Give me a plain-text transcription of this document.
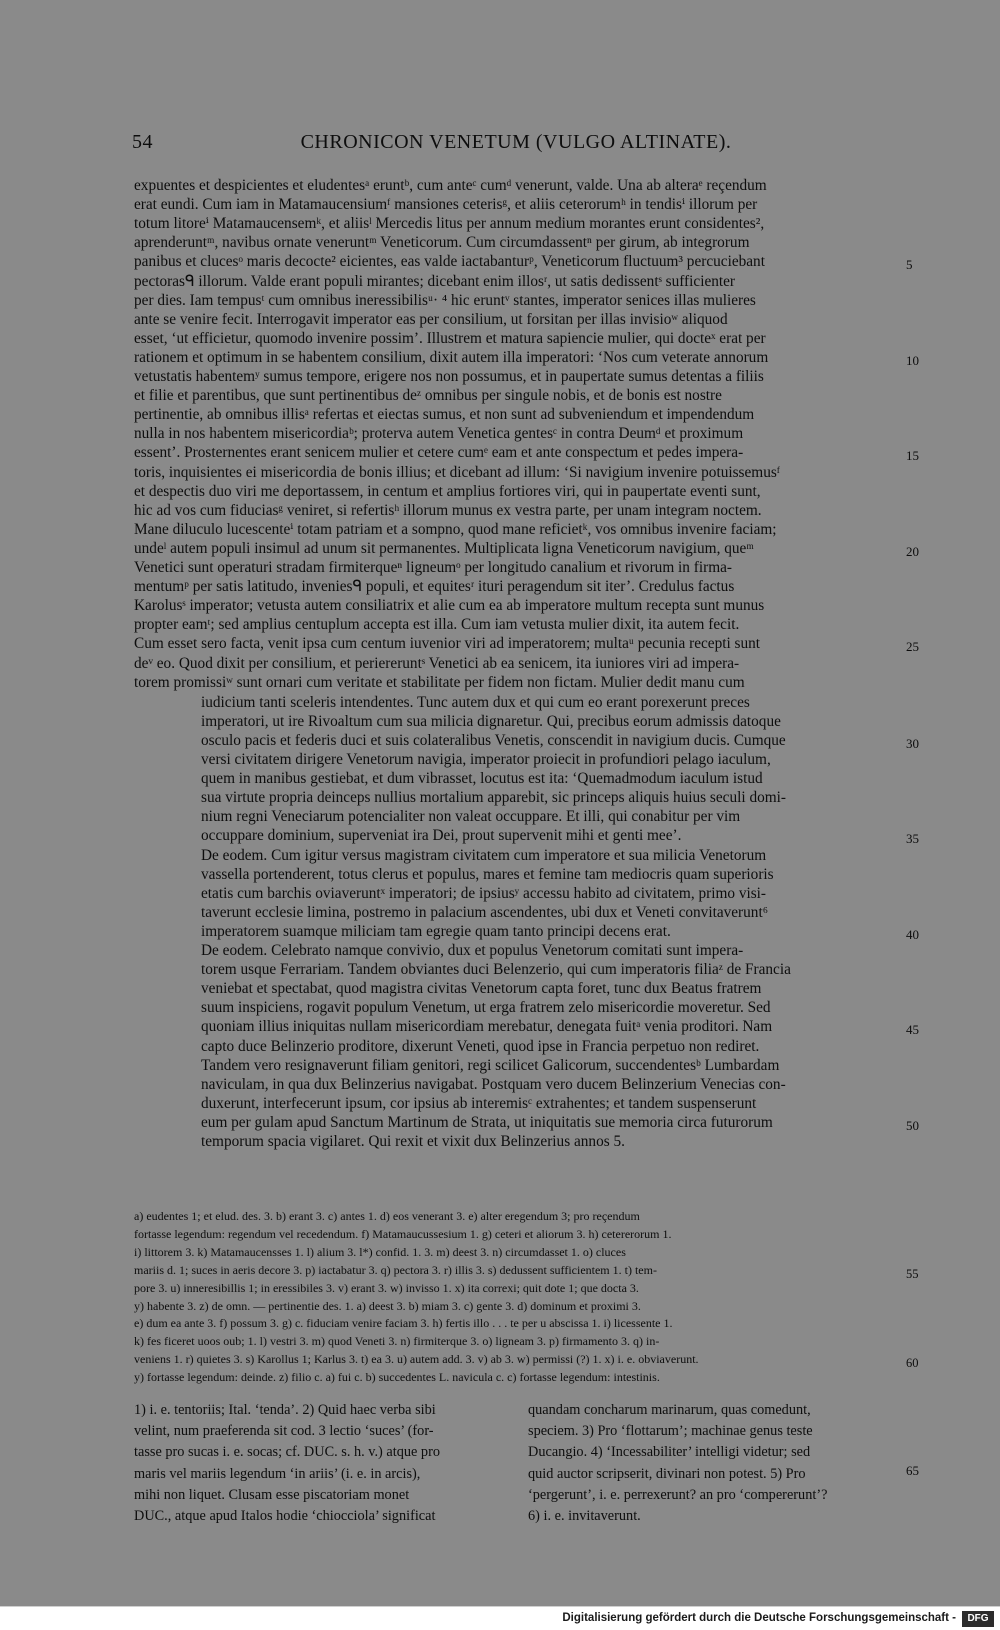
54	CHRONICON VENETUM (VULGO ALTINATE).
expuentes et despicientes et eludentesᵃ eruntᵇ, cum anteᶜ cumᵈ venerunt, valde. Una ab alteraᵉ reçendum
erat eundi. Cum iam in Matamaucensiumᶠ mansiones ceterisᵍ, et aliis ceterorumʰ in tendisⁱ illorum per
totum litoreⁱ Matamaucensemᵏ, et aliisˡ Mercedis litus per annum medium morantes erunt considentes²,
aprenderuntᵐ, navibus ornate veneruntᵐ Veneticorum. Cum circumdassentⁿ per girum, ab integrorum
panibus et clucesᵒ maris decocte² eicientes, eas valde iactabanturᵖ, Veneticorum fluctuum³ percuciebant
pectorasᑫ illorum. Valde erant populi mirantes; dicebant enim illosʳ, ut satis dedissentˢ sufficienter
per dies. Iam tempusᵗ cum omnibus ineressibilisᵘ· ⁴ hic eruntᵛ stantes, imperator senices illas mulieres
ante se venire fecit. Interrogavit imperator eas per consilium, ut forsitan per illas invisioʷ aliquod
esset, ‘ut efficietur, quomodo invenire possim’. Illustrem et matura sapiencie mulier, qui docteˣ erat per
rationem et optimum in se habentem consilium, dixit autem illa imperatori: ‘Nos cum veterate annorum
vetustatis habentemʸ sumus tempore, erigere nos non possumus, et in paupertate sumus detentas a filiis
et filie et parentibus, que sunt pertinentibus deᶻ omnibus per singule nobis, et de bonis est nostre
pertinentie, ab omnibus illisᵃ refertas et eiectas sumus, et non sunt ad subveniendum et impendendum
nulla in nos habentem misericordiaᵇ; proterva autem Venetica gentesᶜ in contra Deumᵈ et proximum
essent’. Prosternentes erant senicem mulier et cetere cumᵉ eam et ante conspectum et pedes impera-
toris, inquisientes ei misericordia de bonis illius; et dicebant ad illum: ‘Si navigium invenire potuissemusᶠ
et despectis duo viri me deportassem, in centum et amplius fortiores viri, qui in paupertate eventi sunt,
hic ad vos cum fiduciasᵍ veniret, si refertisʰ illorum munus ex vestra parte, per unam integram noctem.
Mane diluculo lucescenteⁱ totam patriam et a sompno, quod mane reficietᵏ, vos omnibus invenire faciam;
undeˡ autem populi insimul ad unum sit permanentes. Multiplicata ligna Veneticorum navigium, queᵐ
Venetici sunt operaturi stradam firmiterqueⁿ ligneumᵒ per longitudo canalium et rivorum in firma-
mentumᵖ per satis latitudo, inveniesᑫ populi, et equitesʳ ituri peragendum sit iter’. Credulus factus
Karolusˢ imperator; vetusta autem consiliatrix et alie cum ea ab imperatore multum recepta sunt munus
propter eamᵗ; sed amplius centuplum accepta est illa. Cum iam vetusta mulier dixit, ita autem fecit.
Cum esset sero facta, venit ipsa cum centum iuvenior viri ad imperatorem; multaᵘ pecunia recepti sunt
deᵛ eo. Quod dixit per consilium, et periereruntˢ Venetici ab ea senicem, ita iuniores viri ad impera-
torem promissiʷ sunt ornari cum veritate et stabilitate per fidem non fictam. Mulier dedit manu cum
iudicium tanti sceleris intendentes. Tunc autem dux et qui cum eo erant porexerunt preces
imperatori, ut ire Rivoaltum cum sua milicia dignaretur. Qui, precibus eorum admissis datoque
osculo pacis et federis duci et suis colateralibus Venetis, conscendit in navigium ducis. Cumque
versi civitatem dirigere Venetorum navigia, imperator proiecit in profundiori pelago iaculum,
quem in manibus gestiebat, et dum vibrasset, locutus est ita: ‘Quemadmodum iaculum istud
sua virtute propria deinceps nullius mortalium apparebit, sic princeps aliquis huius seculi domi-
nium regni Veneciarum potencialiter non valeat occuppare. Et illi, qui conabitur per vim
occuppare dominium, superveniat ira Dei, prout supervenit mihi et genti mee’.
De eodem. Cum igitur versus magistram civitatem cum imperatore et sua milicia Venetorum
vassella portenderent, totus clerus et populus, mares et femine tam mediocris quam superioris
etatis cum barchis oviaveruntˣ imperatori; de ipsiusʸ accessu habito ad civitatem, primo visi-
taverunt ecclesie limina, postremo in palacium ascendentes, ubi dux et Veneti convitaverunt⁶
imperatorem suamque miliciam tam egregie quam tanto principi decens erat.
De eodem. Celebrato namque convivio, dux et populus Venetorum comitati sunt impera-
torem usque Ferrariam. Tandem obviantes duci Belenzerio, qui cum imperatoris filiaᶻ de Francia
veniebat et spectabat, quod magistra civitas Venetorum capta foret, tunc dux Beatus fratrem
suum inspiciens, rogavit populum Venetum, ut erga fratrem zelo misericordie moveretur. Sed
quoniam illius iniquitas nullam misericordiam merebatur, denegata fuitᵃ venia proditori. Nam
capto duce Belinzerio proditore, dixerunt Veneti, quod ipse in Francia perpetuo non rediret.
Tandem vero resignaverunt filiam genitori, regi scilicet Galicorum, succendentesᵇ Lumbardam
naviculam, in qua dux Belinzerius navigabat. Postquam vero ducem Belinzerium Venecias con-
duxerunt, interfecerunt ipsum, cor ipsius ab interemisᶜ extrahentes; et tandem suspenserunt
eum per gulam apud Sanctum Martinum de Strata, ut iniquitatis sue memoria circa futurorum
temporum spacia vigilaret. Qui rexit et vixit dux Belinzerius annos 5.
5
10
15
20
25
30
35
40
45
50
a) eudentes 1; et elud. des. 3. b) erant 3. c) antes 1. d) eos venerant 3. e) alter eregendum 3; pro reçendum
fortasse legendum: regendum vel recedendum. f) Matamaucussesium 1. g) ceteri et aliorum 3. h) cetererorum 1.
i) littorem 3. k) Matamaucensses 1. l) alium 3. l*) confid. 1. 3. m) deest 3. n) circumdasset 1. o) cluces
mariis d. 1; suces in aeris decore 3. p) iactabatur 3. q) pectora 3. r) illis 3. s) dedussent sufficientem 1. t) tem-
pore 3. u) inneresibillis 1; in eressibiles 3. v) erant 3. w) invisso 1. x) ita correxi; quit dote 1; que docta 3.
y) habente 3. z) de omn. — pertinentie des. 1. a) deest 3. b) miam 3. c) gente 3. d) dominum et proximi 3.
e) dum ea ante 3. f) possum 3. g) c. fiduciam venire faciam 3. h) fertis illo . . . te per u abscissa 1. i) licessente 1.
k) fes ficeret uoos oub; 1. l) vestri 3. m) quod Veneti 3. n) firmiterque 3. o) ligneam 3. p) firmamento 3. q) in-
veniens 1. r) quietes 3. s) Karollus 1; Karlus 3. t) ea 3. u) autem add. 3. v) ab 3. w) permissi (?) 1. x) i. e. obviaverunt.
y) fortasse legendum: deinde. z) filio c. a) fui c. b) succedentes L. navicula c. c) fortasse legendum: intestinis.
55
60
1) i. e. tentoriis; Ital. ‘tenda’. 2) Quid haec verba sibi
velint, num praeferenda sit cod. 3 lectio ‘suces’ (for-
tasse pro sucas i. e. socas; cf. DUC. s. h. v.) atque pro
maris vel mariis legendum ‘in ariis’ (i. e. in arcis),
mihi non liquet. Clusam esse piscatoriam monet
DUC., atque apud Italos hodie ‘chiocciola’ significat
quandam concharum marinarum, quas comedunt,
speciem. 3) Pro ‘flottarum’; machinae genus teste
Ducangio. 4) ‘Incessabiliter’ intelligi videtur; sed
quid auctor scripserit, divinari non potest. 5) Pro
‘pergerunt’, i. e. perrexerunt? an pro ‘compererunt’?
6) i. e. invitaverunt.
65
Digitalisierung gefördert durch die Deutsche Forschungsgemeinschaft -	DFG
